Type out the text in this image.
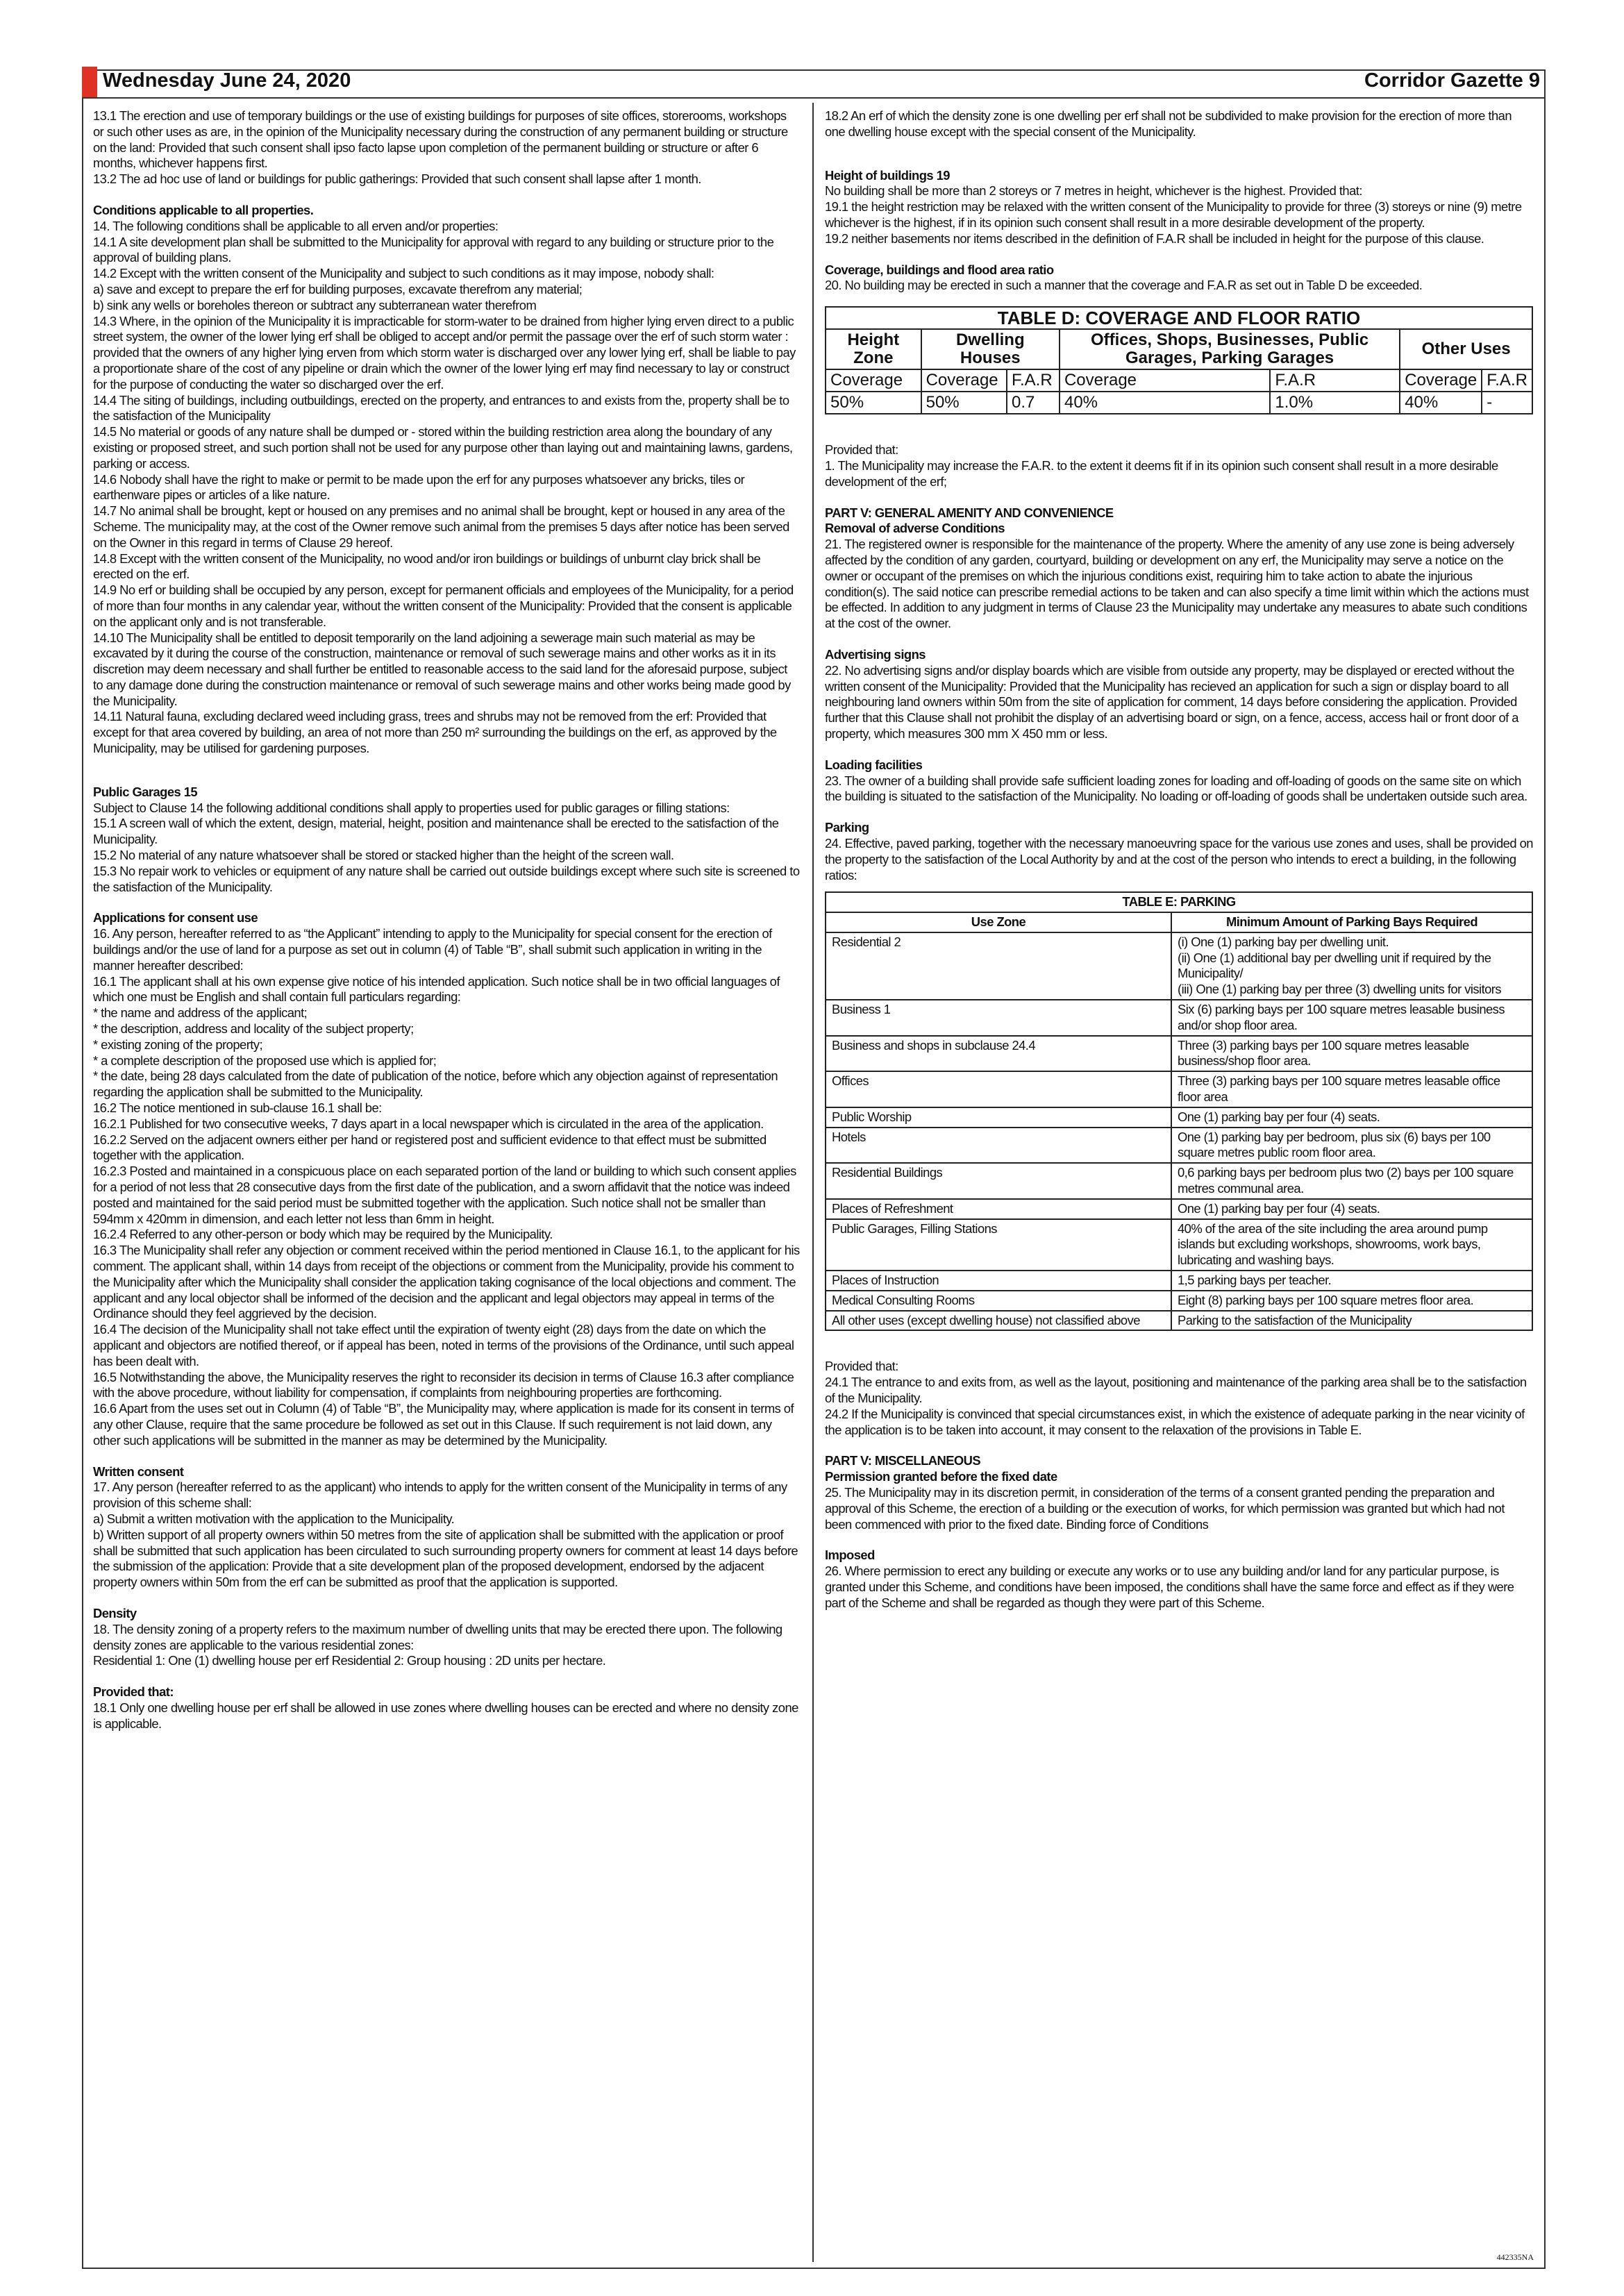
Wednesday June 24, 2020	Corridor Gazette 9

13.1 The erection and use of temporary buildings or the use of existing buildings for purposes of site offices, storerooms, workshops or such other uses as are, in the opinion of the Municipality necessary during the construction of any permanent building or structure on the land: Provided that such consent shall ipso facto lapse upon completion of the permanent building or structure or after 6 months, whichever happens first.

13.2 The ad hoc use of land or buildings for public gatherings: Provided that such consent shall lapse after 1 month.

Conditions applicable to all properties.

14. The following conditions shall be applicable to all erven and/or properties:

14.1 A site development plan shall be submitted to the Municipality for approval with regard to any building or structure prior to the approval of building plans.

14.2 Except with the written consent of the Municipality and subject to such conditions as it may impose, nobody shall:

a) save and except to prepare the erf for building purposes, excavate therefrom any material;

b) sink any wells or boreholes thereon or subtract any subterranean water therefrom

14.3 Where, in the opinion of the Municipality it is impracticable for storm-water to be drained from higher lying erven direct to a public street system, the owner of the lower lying erf shall be obliged to accept and/or permit the passage over the erf of such storm water : provided that the owners of any higher lying erven from which storm water is discharged over any lower lying erf, shall be liable to pay a proportionate share of the cost of any pipeline or drain which the owner of the lower lying erf may find necessary to lay or construct for the purpose of conducting the water so discharged over the erf.

14.4 The siting of buildings, including outbuildings, erected on the property, and entrances to and exists from the, property shall be to the satisfaction of the Municipality

14.5 No material or goods of any nature shall be dumped or - stored within the building restriction area along the boundary of any existing or proposed street, and such portion shall not be used for any purpose other than laying out and maintaining lawns, gardens, parking or access.

14.6 Nobody shall have the right to make or permit to be made upon the erf for any purposes whatsoever any bricks, tiles or earthenware pipes or articles of a like nature.

14.7 No animal shall be brought, kept or housed on any premises and no animal shall be brought, kept or housed in any area of the Scheme. The municipality may, at the cost of the Owner remove such animal from the premises 5 days after notice has been served on the Owner in this regard in terms of Clause 29 hereof.

14.8 Except with the written consent of the Municipality, no wood and/or iron buildings or buildings of unburnt clay brick shall be erected on the erf.

14.9 No erf or building shall be occupied by any person, except for permanent officials and employees of the Municipality, for a period of more than four months in any calendar year, without the written consent of the Municipality: Provided that the consent is applicable on the applicant only and is not transferable.

14.10 The Municipality shall be entitled to deposit temporarily on the land adjoining a sewerage main such material as may be excavated by it during the course of the construction, maintenance or removal of such sewerage mains and other works as it in its discretion may deem necessary and shall further be entitled to reasonable access to the said land for the aforesaid purpose, subject to any damage done during the construction maintenance or removal of such sewerage mains and other works being made good by the Municipality.

14.11 Natural fauna, excluding declared weed including grass, trees and shrubs may not be removed from the erf: Provided that except for that area covered by building, an area of not more than 250 m² surrounding the buildings on the erf, as approved by the Municipality, may be utilised for gardening purposes.

Public Garages 15

Subject to Clause 14 the following additional conditions shall apply to properties used for public garages or filling stations:

15.1 A screen wall of which the extent, design, material, height, position and maintenance shall be erected to the satisfaction of the Municipality.

15.2 No material of any nature whatsoever shall be stored or stacked higher than the height of the screen wall.

15.3 No repair work to vehicles or equipment of any nature shall be carried out outside buildings except where such site is screened to the satisfaction of the Municipality.

Applications for consent use

16. Any person, hereafter referred to as “the Applicant” intending to apply to the Municipality for special consent for the erection of buildings and/or the use of land for a purpose as set out in column (4) of Table “B”, shall submit such application in writing in the manner hereafter described:

16.1 The applicant shall at his own expense give notice of his intended application. Such notice shall be in two official languages of which one must be English and shall contain full particulars regarding:

* the name and address of the applicant;

* the description, address and locality of the subject property;

* existing zoning of the property;

* a complete description of the proposed use which is applied for;

* the date, being 28 days calculated from the date of publication of the notice, before which any objection against of representation regarding the application shall be submitted to the Municipality.

16.2 The notice mentioned in sub-clause 16.1 shall be:

16.2.1 Published for two consecutive weeks, 7 days apart in a local newspaper which is circulated in the area of the application.

16.2.2 Served on the adjacent owners either per hand or registered post and sufficient evidence to that effect must be submitted together with the application.

16.2.3 Posted and maintained in a conspicuous place on each separated portion of the land or building to which such consent applies for a period of not less that 28 consecutive days from the first date of the publication, and a sworn affidavit that the notice was indeed posted and maintained for the said period must be submitted together with the application. Such notice shall not be smaller than 594mm x 420mm in dimension, and each letter not less than 6mm in height.

16.2.4 Referred to any other-person or body which may be required by the Municipality.

16.3 The Municipality shall refer any objection or comment received within the period mentioned in Clause 16.1, to the applicant for his comment. The applicant shall, within 14 days from receipt of the objections or comment from the Municipality, provide his comment to the Municipality after which the Municipality shall consider the application taking cognisance of the local objections and comment. The applicant and any local objector shall be informed of the decision and the applicant and legal objectors may appeal in terms of the Ordinance should they feel aggrieved by the decision.

16.4 The decision of the Municipality shall not take effect until the expiration of twenty eight (28) days from the date on which the applicant and objectors are notified thereof, or if appeal has been, noted in terms of the provisions of the Ordinance, until such appeal has been dealt with.

16.5 Notwithstanding the above, the Municipality reserves the right to reconsider its decision in terms of Clause 16.3 after compliance with the above procedure, without liability for compensation, if complaints from neighbouring properties are forthcoming.

16.6 Apart from the uses set out in Column (4) of Table “B”, the Municipality may, where application is made for its consent in terms of any other Clause, require that the same procedure be followed as set out in this Clause. If such requirement is not laid down, any other such applications will be submitted in the manner as may be determined by the Municipality.

Written consent

17. Any person (hereafter referred to as the applicant) who intends to apply for the written consent of the Municipality in terms of any provision of this scheme shall:

a) Submit a written motivation with the application to the Municipality.

b) Written support of all property owners within 50 metres from the site of application shall be submitted with the application or proof shall be submitted that such application has been circulated to such surrounding property owners for comment at least 14 days before the submission of the application: Provide that a site development plan of the proposed development, endorsed by the adjacent property owners within 50m from the erf can be submitted as proof that the application is supported.

Density

18. The density zoning of a property refers to the maximum number of dwelling units that may be erected there upon. The following density zones are applicable to the various residential zones:

Residential 1: One (1) dwelling house per erf Residential 2: Group housing : 2D units per hectare.

Provided that:

18.1 Only one dwelling house per erf shall be allowed in use zones where dwelling houses can be erected and where no density zone is applicable.

18.2 An erf of which the density zone is one dwelling per erf shall not be subdivided to make provision for the erection of more than one dwelling house except with the special consent of the Municipality.

Height of buildings 19

No building shall be more than 2 storeys or 7 metres in height, whichever is the highest. Provided that:

19.1 the height restriction may be relaxed with the written consent of the Municipality to provide for three (3) storeys or nine (9) metre whichever is the highest, if in its opinion such consent shall result in a more desirable development of the property.

19.2 neither basements nor items described in the definition of F.A.R shall be included in height for the purpose of this clause.

Coverage, buildings and flood area ratio

20. No building may be erected in such a manner that the coverage and F.A.R as set out in Table D be exceeded.

TABLE D: COVERAGE AND FLOOR RATIO						
Height Zone	Dwelling Houses		Offices, Shops, Businesses, Public Garages, Parking Garages		Other Uses	
Coverage	Coverage	F.A.R	Coverage	F.A.R	Coverage	F.A.R
50%	50%	0.7	40%	1.0%	40%	-

Provided that:

1. The Municipality may increase the F.A.R. to the extent it deems fit if in its opinion such consent shall result in a more desirable development of the erf;

PART V: GENERAL AMENITY AND CONVENIENCE

Removal of adverse Conditions

21. The registered owner is responsible for the maintenance of the property. Where the amenity of any use zone is being adversely affected by the condition of any garden, courtyard, building or development on any erf, the Municipality may serve a notice on the owner or occupant of the premises on which the injurious conditions exist, requiring him to take action to abate the injurious condition(s). The said notice can prescribe remedial actions to be taken and can also specify a time limit within which the actions must be effected. In addition to any judgment in terms of Clause 23 the Municipality may undertake any measures to abate such conditions at the cost of the owner.

Advertising signs

22. No advertising signs and/or display boards which are visible from outside any property, may be displayed or erected without the written consent of the Municipality: Provided that the Municipality has recieved an application for such a sign or display board to all neighbouring land owners within 50m from the site of application for comment, 14 days before considering the application. Provided further that this Clause shall not prohibit the display of an advertising board or sign, on a fence, access, access hail or front door of a property, which measures 300 mm X 450 mm or less.

Loading facilities

23. The owner of a building shall provide safe sufficient loading zones for loading and off-loading of goods on the same site on which the building is situated to the satisfaction of the Municipality. No loading or off-loading of goods shall be undertaken outside such area.

Parking

24. Effective, paved parking, together with the necessary manoeuvring space for the various use zones and uses, shall be provided on the property to the satisfaction of the Local Authority by and at the cost of the person who intends to erect a building, in the following ratios:

TABLE E: PARKING	
Use Zone	Minimum Amount of Parking Bays Required
Residential 2	(i) One (1) parking bay per dwelling unit.
(ii) One (1) additional bay per dwelling unit if required by the Municipality/
(iii) One (1) parking bay per three (3) dwelling units for visitors
Business 1	Six (6) parking bays per 100 square metres leasable business and/or shop floor area.
Business and shops in subclause 24.4	Three (3) parking bays per 100 square metres leasable business/shop floor area.
Offices	Three (3) parking bays per 100 square metres leasable office floor area
Public Worship	One (1) parking bay per four (4) seats.
Hotels	One (1) parking bay per bedroom, plus six (6) bays per 100 square metres public room floor area.
Residential Buildings	0,6 parking bays per bedroom plus two (2) bays per 100 square metres communal area.
Places of Refreshment	One (1) parking bay per four (4) seats.
Public Garages, Filling Stations	40% of the area of the site including the area around pump islands but excluding workshops, showrooms, work bays, lubricating and washing bays.
Places of Instruction	1,5 parking bays per teacher.
Medical Consulting Rooms	Eight (8) parking bays per 100 square metres floor area.
All other uses (except dwelling house) not classified above	Parking to the satisfaction of the Municipality

Provided that:

24.1 The entrance to and exits from, as well as the layout, positioning and maintenance of the parking area shall be to the satisfaction of the Municipality.

24.2 If the Municipality is convinced that special circumstances exist, in which the existence of adequate parking in the near vicinity of the application is to be taken into account, it may consent to the relaxation of the provisions in Table E.

PART V: MISCELLANEOUS

Permission granted before the fixed date

25. The Municipality may in its discretion permit, in consideration of the terms of a consent granted pending the preparation and approval of this Scheme, the erection of a building or the execution of works, for which permission was granted but which had not been commenced with prior to the fixed date. Binding force of Conditions

Imposed

26. Where permission to erect any building or execute any works or to use any building and/or land for any particular purpose, is granted under this Scheme, and conditions have been imposed, the conditions shall have the same force and effect as if they were part of the Scheme and shall be regarded as though they were part of this Scheme.

442335NA
